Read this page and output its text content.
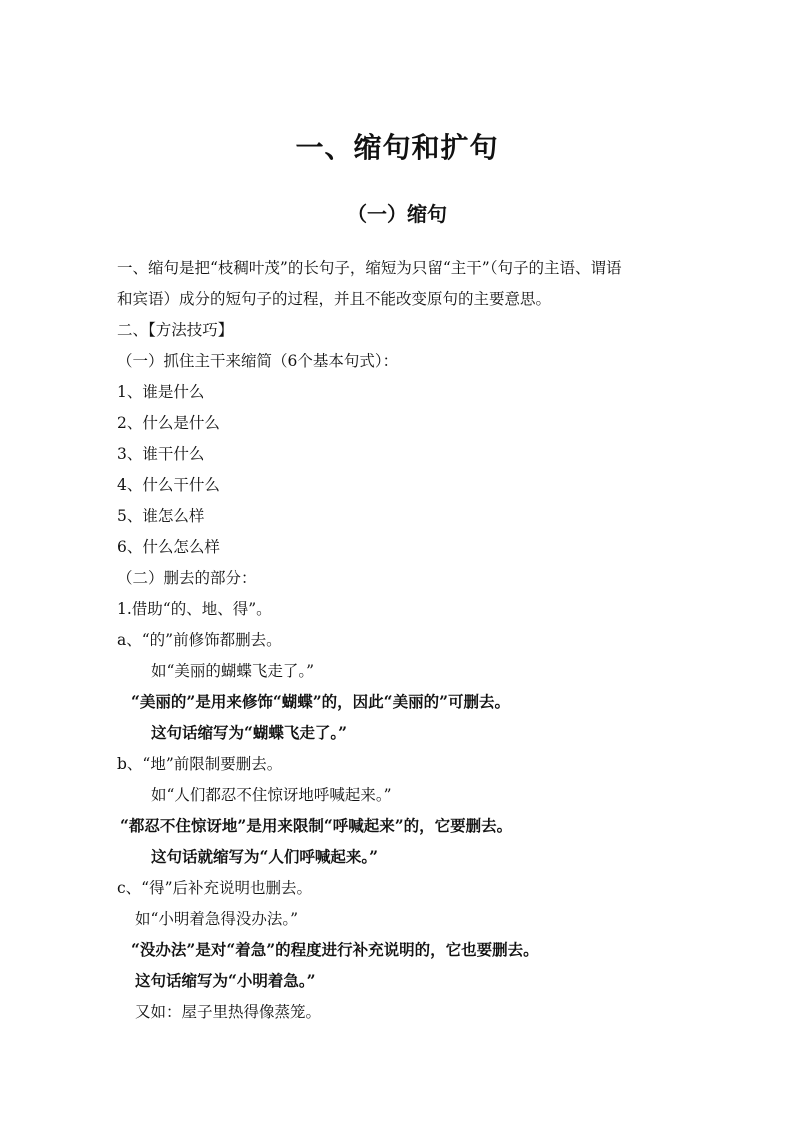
一、缩句和扩句
（一）缩句
一、缩句是把“枝稠叶茂”的长句子，缩短为只留“主干”（句子的主语、谓语
和宾语）成分的短句子的过程，并且不能改变原句的主要意思。
二、【方法技巧】
（一）抓住主干来缩简（6个基本句式）：
1、谁是什么
2、什么是什么
3、谁干什么
4、什么干什么
5、谁怎么样
6、什么怎么样
（二）删去的部分：
1.借助“的、地、得”。
a、“的”前修饰都删去。
如“美丽的蝴蝶飞走了。”
“美丽的”是用来修饰“蝴蝶”的，因此“美丽的”可删去。
这句话缩写为“蝴蝶飞走了。”
b、“地”前限制要删去。
如“人们都忍不住惊讶地呼喊起来。”
“都忍不住惊讶地”是用来限制“呼喊起来”的，它要删去。
这句话就缩写为“人们呼喊起来。”
c、“得”后补充说明也删去。
如“小明着急得没办法。”
“没办法”是对“着急”的程度进行补充说明的，它也要删去。
这句话缩写为“小明着急。”
又如：屋子里热得像蒸笼。
